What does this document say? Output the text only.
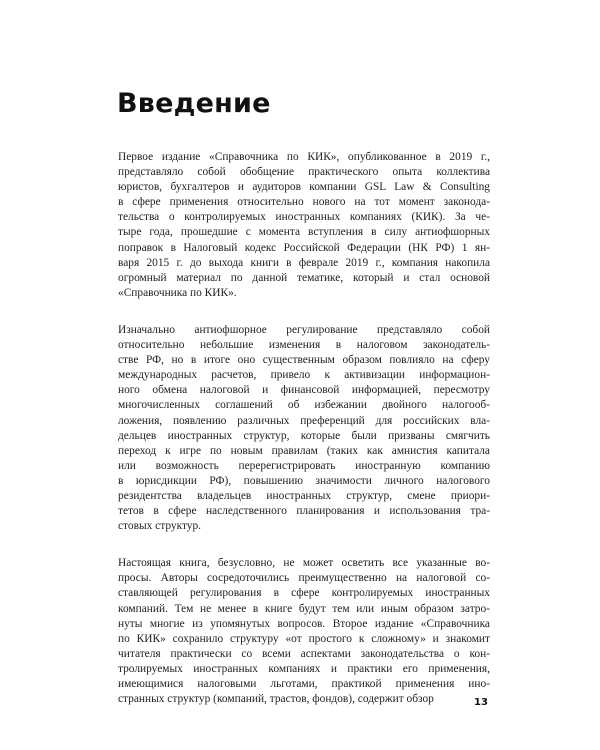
Введение
Первое издание «Справочника по КИК», опубликованное в 2019 г.,
представляло собой обобщение практического опыта коллектива
юристов, бухгалтеров и аудиторов компании GSL Law & Consulting
в сфере применения относительно нового на тот момент законода-
тельства о контролируемых иностранных компаниях (КИК). За че-
тыре года, прошедшие с момента вступления в силу антиофшорных
поправок в Налоговый кодекс Российской Федерации (НК РФ) 1 ян-
варя 2015 г. до выхода книги в феврале 2019 г., компания накопила
огромный материал по данной тематике, который и стал основой
«Справочника по КИК».
Изначально антиофшорное регулирование представляло собой
относительно небольшие изменения в налоговом законодатель-
стве РФ, но в итоге оно существенным образом повлияло на сферу
международных расчетов, привело к активизации информацион-
ного обмена налоговой и финансовой информацией, пересмотру
многочисленных соглашений об избежании двойного налогооб-
ложения, появлению различных преференций для российских вла-
дельцев иностранных структур, которые были призваны смягчить
переход к игре по новым правилам (таких как амнистия капитала
или возможность перерегистрировать иностранную компанию
в юрисдикции РФ), повышению значимости личного налогового
резидентства владельцев иностранных структур, смене приори-
тетов в сфере наследственного планирования и использования тра-
стовых структур.
Настоящая книга, безусловно, не может осветить все указанные во-
просы. Авторы сосредоточились преимущественно на налоговой со-
ставляющей регулирования в сфере контролируемых иностранных
компаний. Тем не менее в книге будут тем или иным образом затро-
нуты многие из упомянутых вопросов. Второе издание «Справочника
по КИК» сохранило структуру «от простого к сложному» и знакомит
читателя практически со всеми аспектами законодательства о кон-
тролируемых иностранных компаниях и практики его применения,
имеющимися налоговыми льготами, практикой применения ино-
странных структур (компаний, трастов, фондов), содержит обзор	13
